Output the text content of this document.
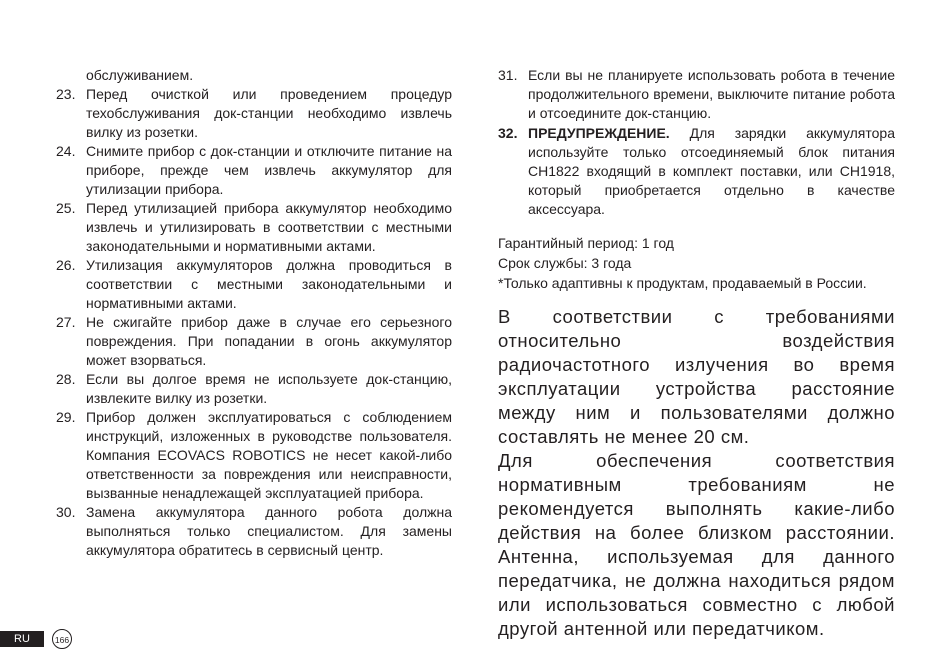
обслуживанием.
23. Перед очисткой или проведением процедур техобслуживания док-станции необходимо извлечь вилку из розетки.
24. Снимите прибор с док-станции и отключите питание на приборе, прежде чем извлечь аккумулятор для утилизации прибора.
25. Перед утилизацией прибора аккумулятор необходимо извлечь и утилизировать в соответствии с местными законодательными и нормативными актами.
26. Утилизация аккумуляторов должна проводиться в соответствии с местными законодательными и нормативными актами.
27. Не сжигайте прибор даже в случае его серьезного повреждения. При попадании в огонь аккумулятор может взорваться.
28. Если вы долгое время не используете док-станцию, извлеките вилку из розетки.
29. Прибор должен эксплуатироваться с соблюдением инструкций, изложенных в руководстве пользователя. Компания ECOVACS ROBOTICS не несет какой-либо ответственности за повреждения или неисправности, вызванные ненадлежащей эксплуатацией прибора.
30. Замена аккумулятора данного робота должна выполняться только специалистом. Для замены аккумулятора обратитесь в сервисный центр.
31. Если вы не планируете использовать робота в течение продолжительного времени, выключите питание робота и отсоедините док-станцию.
32. ПРЕДУПРЕЖДЕНИЕ. Для зарядки аккумулятора используйте только отсоединяемый блок питания CH1822 входящий в комплект поставки, или CH1918, который приобретается отдельно в качестве аксессуара.
Гарантийный период: 1 год
Срок службы: 3 года
*Только адаптивны к продуктам, продаваемый в России.

В соответствии с требованиями относительно воздействия радиочастотного излучения во время эксплуатации устройства расстояние между ним и пользователями должно составлять не менее 20 см.

Для обеспечения соответствия нормативным требованиям не рекомендуется выполнять какие-либо действия на более близком расстоянии. Антенна, используемая для данного передатчика, не должна находиться рядом или использоваться совместно с любой другой антенной или передатчиком.

RU	166
